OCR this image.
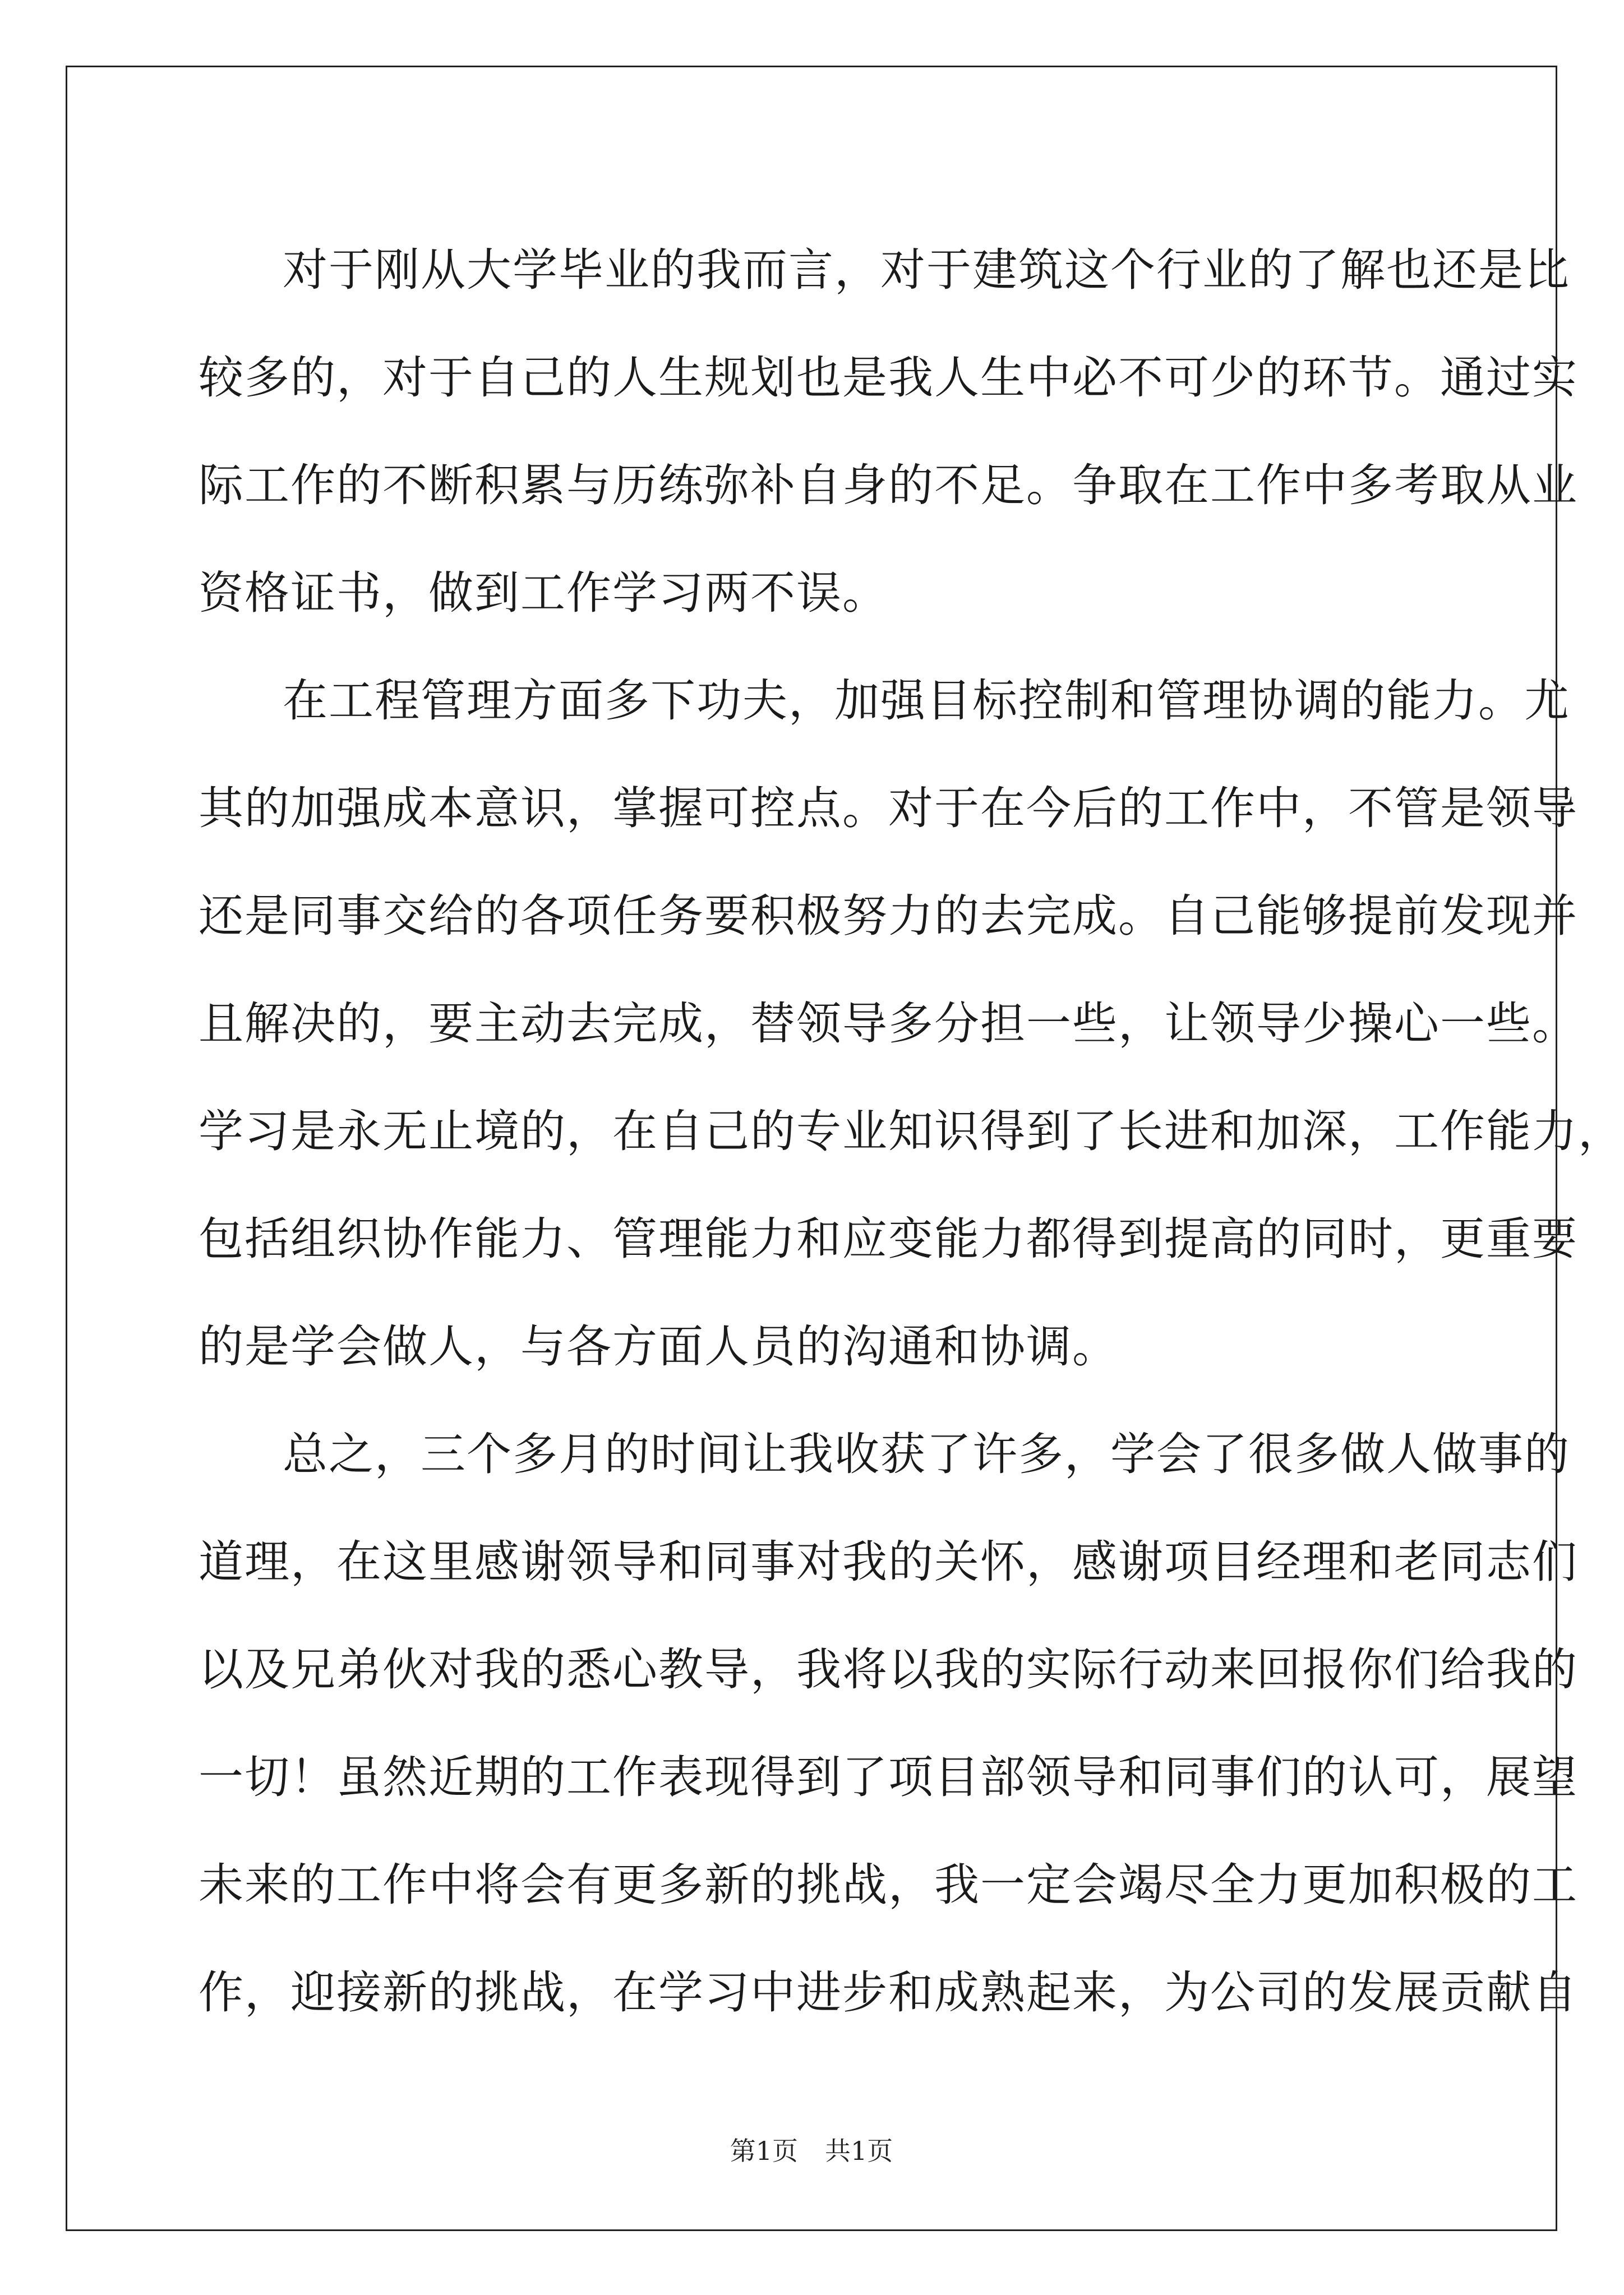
对于刚从大学毕业的我而言，对于建筑这个行业的了解也还是比
较多的，对于自己的人生规划也是我人生中必不可少的环节。通过实
际工作的不断积累与历练弥补自身的不足。争取在工作中多考取从业
资格证书，做到工作学习两不误。
在工程管理方面多下功夫，加强目标控制和管理协调的能力。尤
其的加强成本意识，掌握可控点。对于在今后的工作中，不管是领导
还是同事交给的各项任务要积极努力的去完成。自己能够提前发现并
且解决的，要主动去完成，替领导多分担一些，让领导少操心一些。
学习是永无止境的，在自己的专业知识得到了长进和加深，工作能力，
包括组织协作能力、管理能力和应变能力都得到提高的同时，更重要
的是学会做人，与各方面人员的沟通和协调。
总之，三个多月的时间让我收获了许多，学会了很多做人做事的
道理，在这里感谢领导和同事对我的关怀，感谢项目经理和老同志们
以及兄弟伙对我的悉心教导，我将以我的实际行动来回报你们给我的
一切！虽然近期的工作表现得到了项目部领导和同事们的认可，展望
未来的工作中将会有更多新的挑战，我一定会竭尽全力更加积极的工
作，迎接新的挑战，在学习中进步和成熟起来，为公司的发展贡献自
第1页 共1页
